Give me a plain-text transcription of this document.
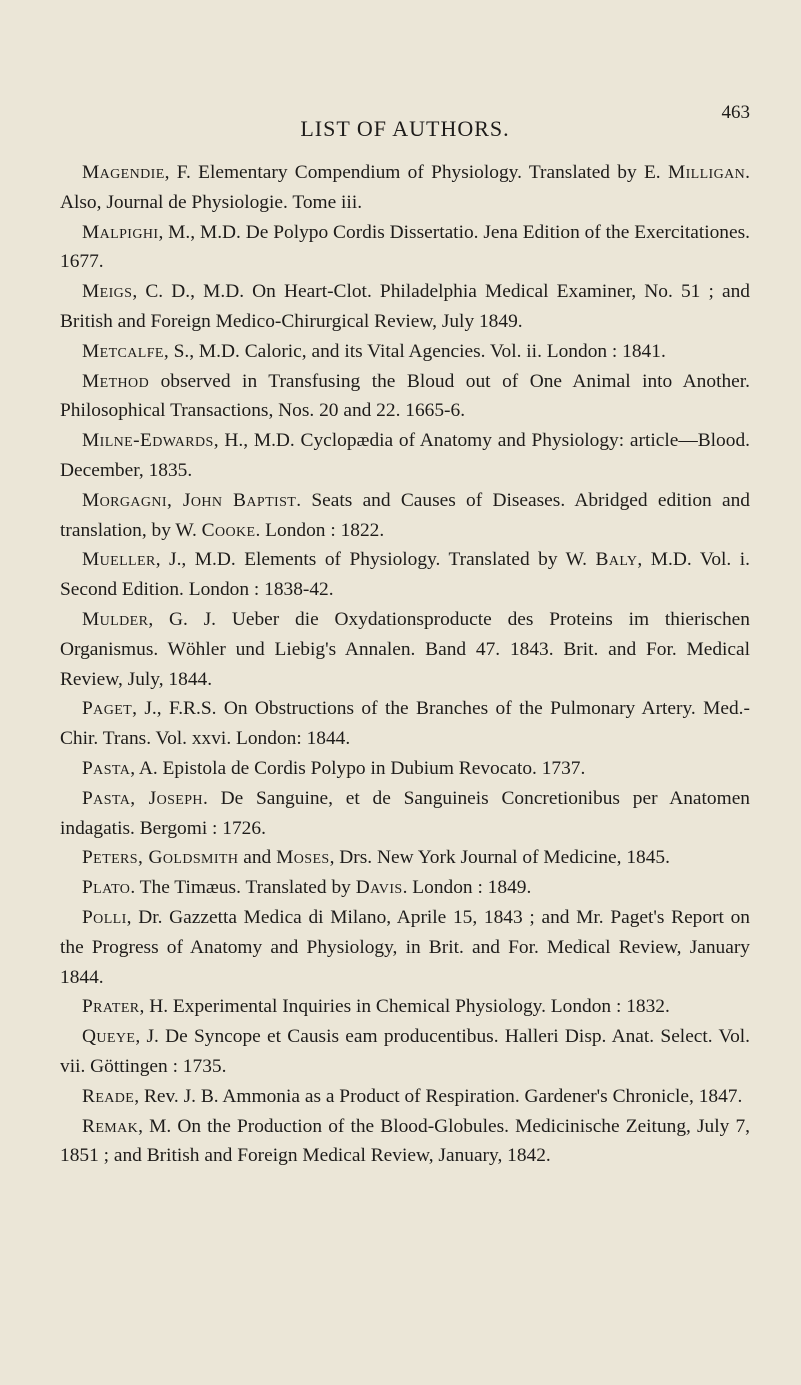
LIST OF AUTHORS.
463

Magendie, F. Elementary Compendium of Physiology. Translated by E. Milligan. Also, Journal de Physiologie. Tome iii.

Malpighi, M., M.D. De Polypo Cordis Dissertatio. Jena Edition of the Exercitationes. 1677.

Meigs, C. D., M.D. On Heart-Clot. Philadelphia Medical Examiner, No. 51 ; and British and Foreign Medico-Chirurgical Review, July 1849.

Metcalfe, S., M.D. Caloric, and its Vital Agencies. Vol. ii. London : 1841.

Method observed in Transfusing the Bloud out of One Animal into Another. Philosophical Transactions, Nos. 20 and 22. 1665-6.

Milne-Edwards, H., M.D. Cyclopædia of Anatomy and Physiology: article—Blood. December, 1835.

Morgagni, John Baptist. Seats and Causes of Diseases. Abridged edition and translation, by W. Cooke. London : 1822.

Mueller, J., M.D. Elements of Physiology. Translated by W. Baly, M.D. Vol. i. Second Edition. London : 1838-42.

Mulder, G. J. Ueber die Oxydationsproducte des Proteins im thierischen Organismus. Wöhler und Liebig's Annalen. Band 47. 1843. Brit. and For. Medical Review, July, 1844.

Paget, J., F.R.S. On Obstructions of the Branches of the Pulmonary Artery. Med.-Chir. Trans. Vol. xxvi. London: 1844.

Pasta, A. Epistola de Cordis Polypo in Dubium Revocato. 1737.

Pasta, Joseph. De Sanguine, et de Sanguineis Concretionibus per Anatomen indagatis. Bergomi : 1726.

Peters, Goldsmith and Moses, Drs. New York Journal of Medicine, 1845.

Plato. The Timæus. Translated by Davis. London : 1849.

Polli, Dr. Gazzetta Medica di Milano, Aprile 15, 1843 ; and Mr. Paget's Report on the Progress of Anatomy and Physiology, in Brit. and For. Medical Review, January 1844.

Prater, H. Experimental Inquiries in Chemical Physiology. London : 1832.

Queye, J. De Syncope et Causis eam producentibus. Halleri Disp. Anat. Select. Vol. vii. Göttingen : 1735.

Reade, Rev. J. B. Ammonia as a Product of Respiration. Gardener's Chronicle, 1847.

Remak, M. On the Production of the Blood-Globules. Medicinische Zeitung, July 7, 1851 ; and British and Foreign Medical Review, January, 1842.
